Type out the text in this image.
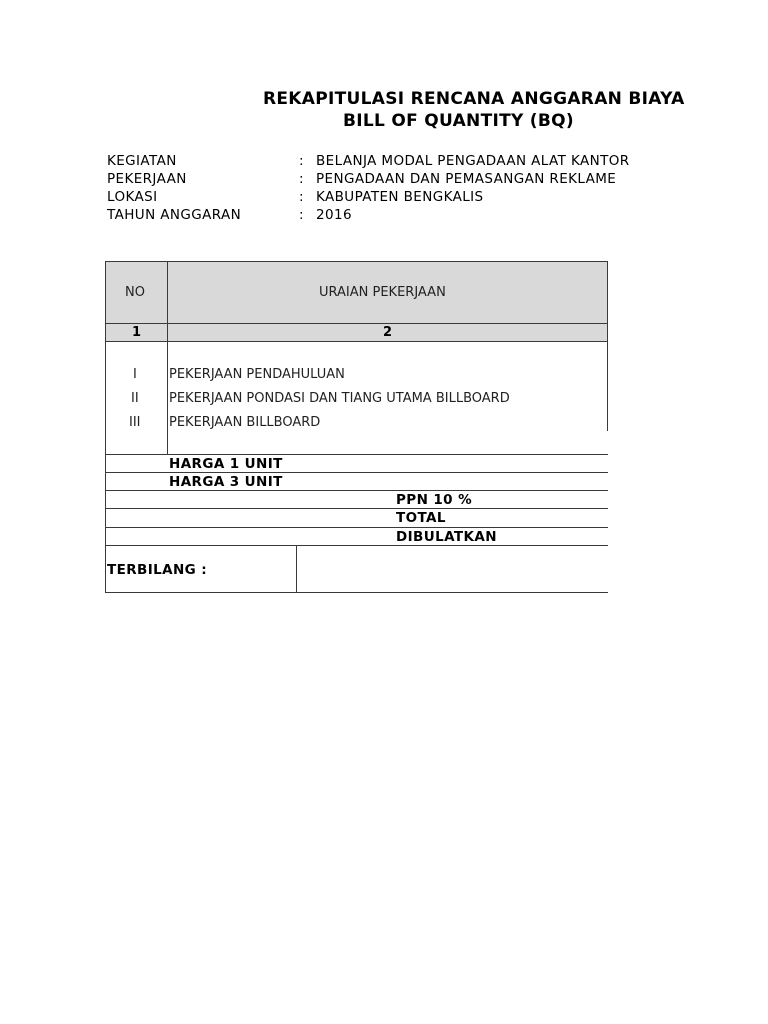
REKAPITULASI RENCANA ANGGARAN BIAYA
BILL OF QUANTITY (BQ)
KEGIATAN	: BELANJA MODAL PENGADAAN ALAT KANTOR
PEKERJAAN	: PENGADAAN DAN PEMASANGAN REKLAME
LOKASI	: KABUPATEN BENGKALIS
TAHUN ANGGARAN	: 2016
NO	URAIAN PEKERJAAN
1	2
I PEKERJAAN PENDAHULUAN
II PEKERJAAN PONDASI DAN TIANG UTAMA BILLBOARD
III PEKERJAAN BILLBOARD
HARGA 1 UNIT
HARGA 3 UNIT
PPN 10 %
TOTAL
DIBULATKAN
TERBILANG :
